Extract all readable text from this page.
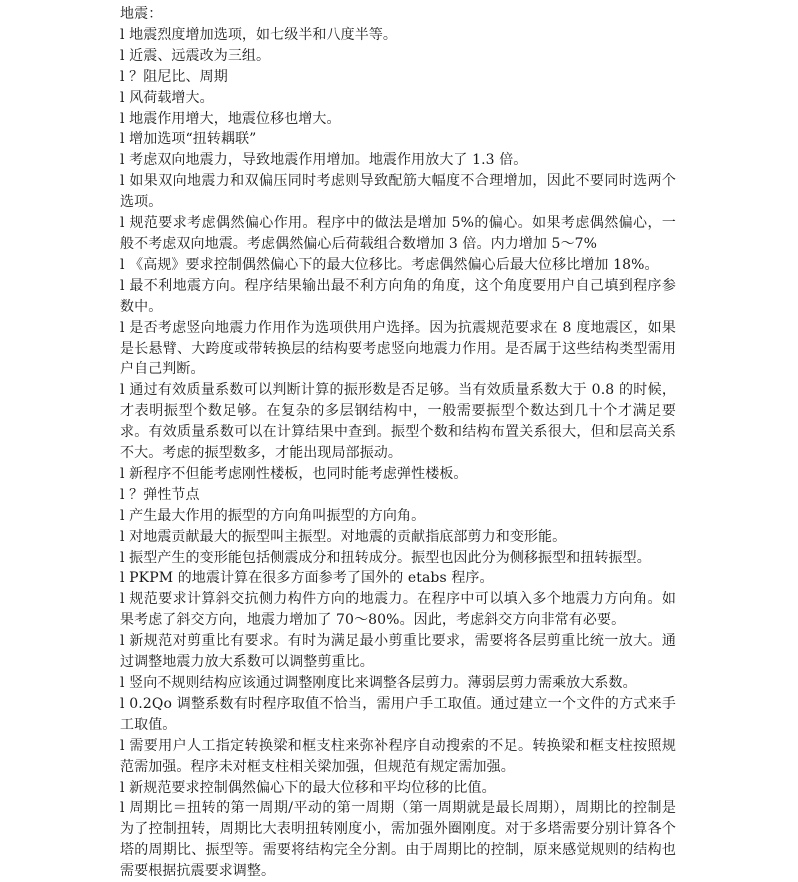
地震：

l 地震烈度增加选项，如七级半和八度半等。

l 近震、远震改为三组。

l ？阻尼比、周期

l 风荷载增大。

l 地震作用增大，地震位移也增大。

l 增加选项“扭转耦联”

l 考虑双向地震力，导致地震作用增加。地震作用放大了 1.3 倍。

l 如果双向地震力和双偏压同时考虑则导致配筋大幅度不合理增加，因此不要同时选两个选项。

l 规范要求考虑偶然偏心作用。程序中的做法是增加 5%的偏心。如果考虑偶然偏心，一般不考虑双向地震。考虑偶然偏心后荷载组合数增加 3 倍。内力增加 5～7%

l 《高规》要求控制偶然偏心下的最大位移比。考虑偶然偏心后最大位移比增加 18%。

l 最不利地震方向。程序结果输出最不利方向角的角度，这个角度要用户自己填到程序参数中。

l 是否考虑竖向地震力作用作为选项供用户选择。因为抗震规范要求在 8 度地震区，如果是长悬臂、大跨度或带转换层的结构要考虑竖向地震力作用。是否属于这些结构类型需用户自己判断。

l 通过有效质量系数可以判断计算的振形数是否足够。当有效质量系数大于 0.8 的时候，才表明振型个数足够。在复杂的多层钢结构中，一般需要振型个数达到几十个才满足要求。有效质量系数可以在计算结果中查到。振型个数和结构布置关系很大，但和层高关系不大。考虑的振型数多，才能出现局部振动。

l 新程序不但能考虑刚性楼板，也同时能考虑弹性楼板。

l ？弹性节点

l 产生最大作用的振型的方向角叫振型的方向角。

l 对地震贡献最大的振型叫主振型。对地震的贡献指底部剪力和变形能。

l 振型产生的变形能包括侧震成分和扭转成分。振型也因此分为侧移振型和扭转振型。

l PKPM 的地震计算在很多方面参考了国外的 etabs 程序。

l 规范要求计算斜交抗侧力构件方向的地震力。在程序中可以填入多个地震力方向角。如果考虑了斜交方向，地震力增加了 70～80%。因此，考虑斜交方向非常有必要。

l 新规范对剪重比有要求。有时为满足最小剪重比要求，需要将各层剪重比统一放大。通过调整地震力放大系数可以调整剪重比。

l 竖向不规则结构应该通过调整刚度比来调整各层剪力。薄弱层剪力需乘放大系数。

l 0.2Qo 调整系数有时程序取值不恰当，需用户手工取值。通过建立一个文件的方式来手工取值。

l 需要用户人工指定转换梁和框支柱来弥补程序自动搜索的不足。转换梁和框支柱按照规范需加强。程序未对框支柱相关梁加强，但规范有规定需加强。

l 新规范要求控制偶然偏心下的最大位移和平均位移的比值。

l 周期比＝扭转的第一周期/平动的第一周期（第一周期就是最长周期），周期比的控制是为了控制扭转，周期比大表明扭转刚度小，需加强外圈刚度。对于多塔需要分别计算各个塔的周期比、振型等。需要将结构完全分割。由于周期比的控制，原来感觉规则的结构也需要根据抗震要求调整。
